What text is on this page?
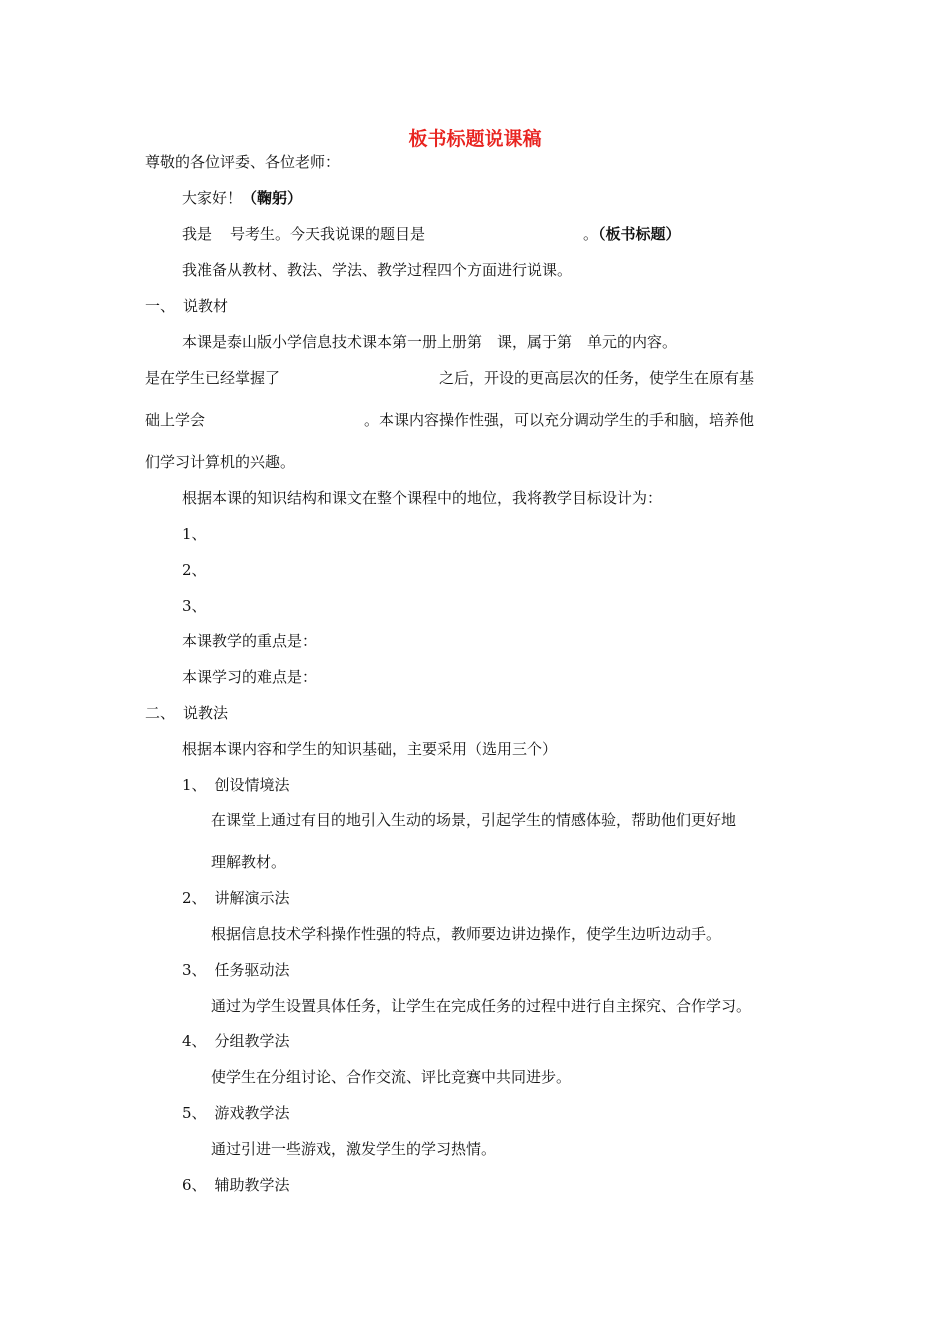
板书标题说课稿
尊敬的各位评委、各位老师：
大家好！（鞠躬）
我是 号考生。今天我说课的题目是	。（板书标题）
我准备从教材、教法、学法、教学过程四个方面进行说课。
一、 说教材
本课是泰山版小学信息技术课本第一册上册第 课，属于第 单元的内容。
是在学生已经掌握了	之后，开设的更高层次的任务，使学生在原有基
础上学会	。本课内容操作性强，可以充分调动学生的手和脑，培养他
们学习计算机的兴趣。
根据本课的知识结构和课文在整个课程中的地位，我将教学目标设计为：
1、
2、
3、
本课教学的重点是：
本课学习的难点是：
二、 说教法
根据本课内容和学生的知识基础，主要采用（选用三个）
1、 创设情境法
在课堂上通过有目的地引入生动的场景，引起学生的情感体验，帮助他们更好地
理解教材。
2、 讲解演示法
根据信息技术学科操作性强的特点，教师要边讲边操作，使学生边听边动手。
3、 任务驱动法
通过为学生设置具体任务，让学生在完成任务的过程中进行自主探究、合作学习。
4、 分组教学法
使学生在分组讨论、合作交流、评比竞赛中共同进步。
5、 游戏教学法
通过引进一些游戏，激发学生的学习热情。
6、 辅助教学法
